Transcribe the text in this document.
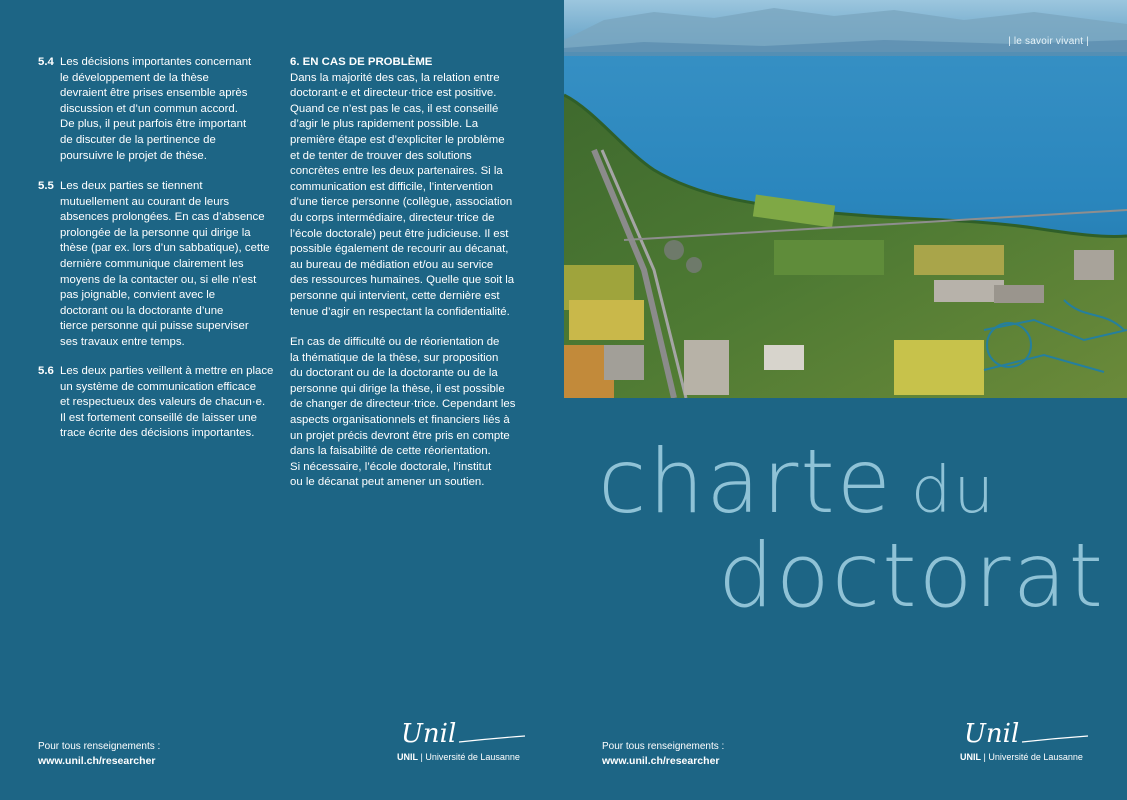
5.4 Les décisions importantes concernant
le développement de la thèse
devraient être prises ensemble après
discussion et d’un commun accord.
De plus, il peut parfois être important
de discuter de la pertinence de
poursuivre le projet de thèse.
5.5 Les deux parties se tiennent
mutuellement au courant de leurs
absences prolongées. En cas d’absence
prolongée de la personne qui dirige la
thèse (par ex. lors d’un sabbatique), cette
dernière communique clairement les
moyens de la contacter ou, si elle n’est
pas joignable, convient avec le
doctorant ou la doctorante d’une
tierce personne qui puisse superviser
ses travaux entre temps.
5.6 Les deux parties veillent à mettre en place
un système de communication efficace
et respectueux des valeurs de chacun·e.
Il est fortement conseillé de laisser une
trace écrite des décisions importantes.
6. EN CAS DE PROBLÈME
Dans la majorité des cas, la relation entre
doctorant·e et directeur·trice est positive.
Quand ce n’est pas le cas, il est conseillé
d’agir le plus rapidement possible. La
première étape est d’expliciter le problème
et de tenter de trouver des solutions
concrètes entre les deux partenaires. Si la
communication est difficile, l’intervention
d’une tierce personne (collègue, association
du corps intermédiaire, directeur·trice de
l’école doctorale) peut être judicieuse. Il est
possible également de recourir au décanat,
au bureau de médiation et/ou au service
des ressources humaines. Quelle que soit la
personne qui intervient, cette dernière est
tenue d’agir en respectant la confidentialité.
En cas de difficulté ou de réorientation de
la thématique de la thèse, sur proposition
du doctorant ou de la doctorante ou de la
personne qui dirige la thèse, il est possible
de changer de directeur·trice. Cependant les
aspects organisationnels et financiers liés à
un projet précis devront être pris en compte
dans la faisabilité de cette réorientation.
Si nécessaire, l’école doctorale, l’institut
ou le décanat peut amener un soutien.
| le savoir vivant |
charte du
doctorat
Pour tous renseignements :
www.unil.ch/researcher
Pour tous renseignements :
www.unil.ch/researcher
Unil
UNIL | Université de Lausanne
Unil
UNIL | Université de Lausanne
